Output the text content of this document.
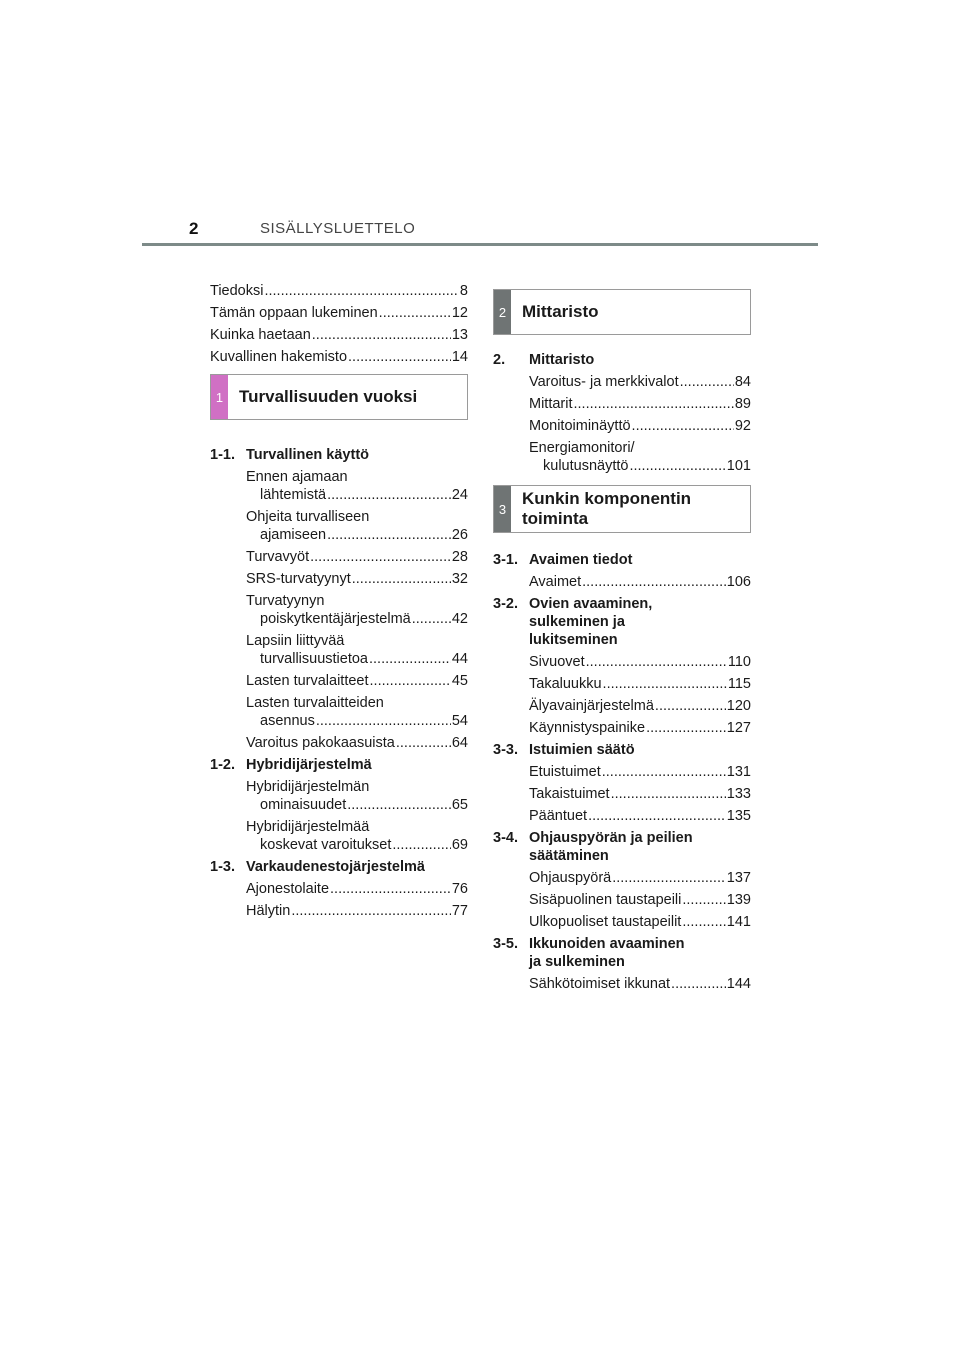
2	SISÄLLYSLUETTELO
Tiedoksi .....	8
Tämän oppaan lukeminen .....	12
Kuinka haetaan .....	13
Kuvallinen hakemisto .....	14
1 Turvallisuuden vuoksi
1-1. Turvallinen käyttö
Ennen ajamaan
lähtemistä .....	24
Ohjeita turvalliseen
ajamiseen .....	26
Turvavyöt .....	28
SRS-turvatyynyt .....	32
Turvatyynyn
poiskytkentäjärjestelmä .....	42
Lapsiin liittyvää
turvallisuustietoa .....	44
Lasten turvalaitteet .....	45
Lasten turvalaitteiden
asennus .....	54
Varoitus pakokaasuista .....	64
1-2. Hybridijärjestelmä
Hybridijärjestelmän
ominaisuudet .....	65
Hybridijärjestelmää
koskevat varoitukset .....	69
1-3. Varkaudenestojärjestelmä
Ajonestolaite .....	76
Hälytin .....	77
2 Mittaristo
2.	Mittaristo
Varoitus- ja merkkivalot .....	84
Mittarit .....	89
Monitoiminäyttö .....	92
Energiamonitori/
kulutusnäyttö .....	101
3
Kunkin komponentin
toiminta
3-1. Avaimen tiedot
Avaimet .....	106
3-2. Ovien avaaminen,
sulkeminen ja
lukitseminen
Sivuovet .....	110
Takaluukku .....	115
Älyavainjärjestelmä .....	120
Käynnistyspainike .....	127
3-3. Istuimien säätö
Etuistuimet .....	131
Takaistuimet .....	133
Pääntuet .....	135
3-4. Ohjauspyörän ja peilien
säätäminen
Ohjauspyörä .....	137
Sisäpuolinen taustapeili .....	139
Ulkopuoliset taustapeilit .....	141
3-5. Ikkunoiden avaaminen
ja sulkeminen
Sähkötoimiset ikkunat .....	144
